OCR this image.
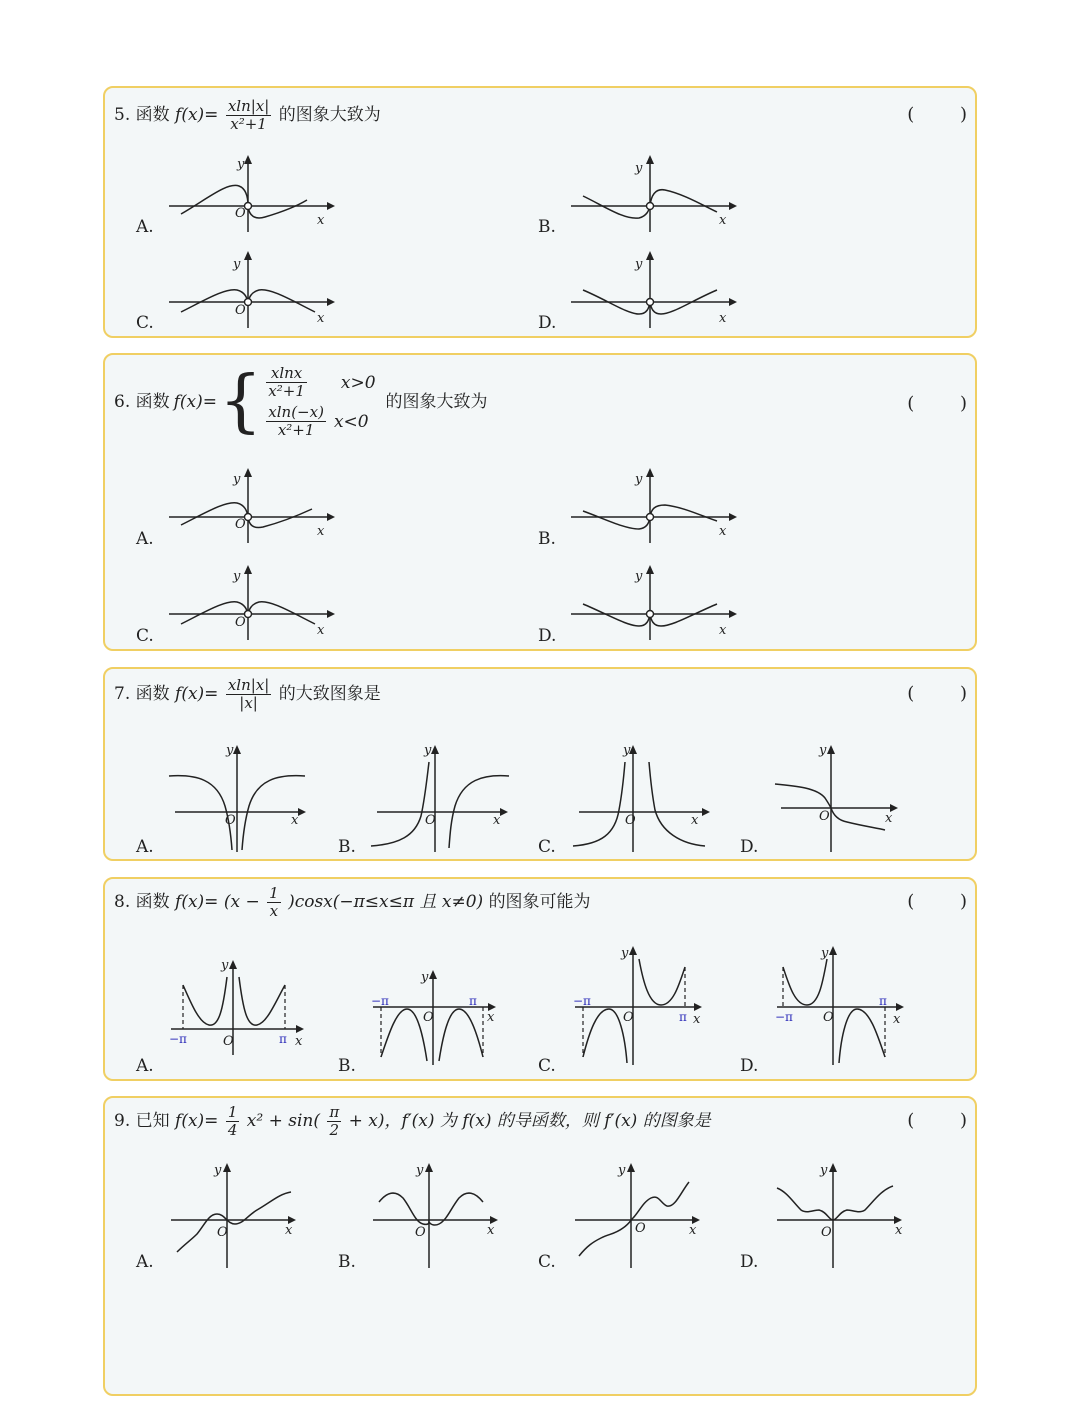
5. 函数 $f(x)= \frac{xln|x|}{\text{x²+1}}$ 的图象大致为	( )
A.	B.
C.	D.
y
O	x
y
x
y
O
x
y
x
6. 函数 f(x)= { $\frac{xlnx}{\text{x²+1}} x>0$
$\frac{xln(-x)}{\text{x²+1}} x<0$
的图象大致为	( )
A.	B.
C.	D.
y
O	x
y
x
y
O
x
y
x
7. 函数 $f(x)= \frac{xln|x|}{|x|}$ 的大致图象是	( )
A.	B.	C.	D.
y
O	x
y
O	x
y
O	x
y
O	x
8. 函数 $f(x)= (x - \frac{1}{x} )\cos x(-\pi\le x\le\pi$ 且 x≠0) 的图象可能为	( )
A.	B.	C.	D.
y
−π	O	π x
y
−π
O
π
x
y
−π
O	π x
y
−π O
π
x
9. 已知 $f(x)= \frac{1}{4} x^2 + \sin( \frac{\pi}{2} + x)$，f′(x) 为 f(x) 的导函数，则 f′(x) 的图象是	( )
A.	B.	C.	D.
y
O	x
y
O	x
y
O	x
y
O	x
